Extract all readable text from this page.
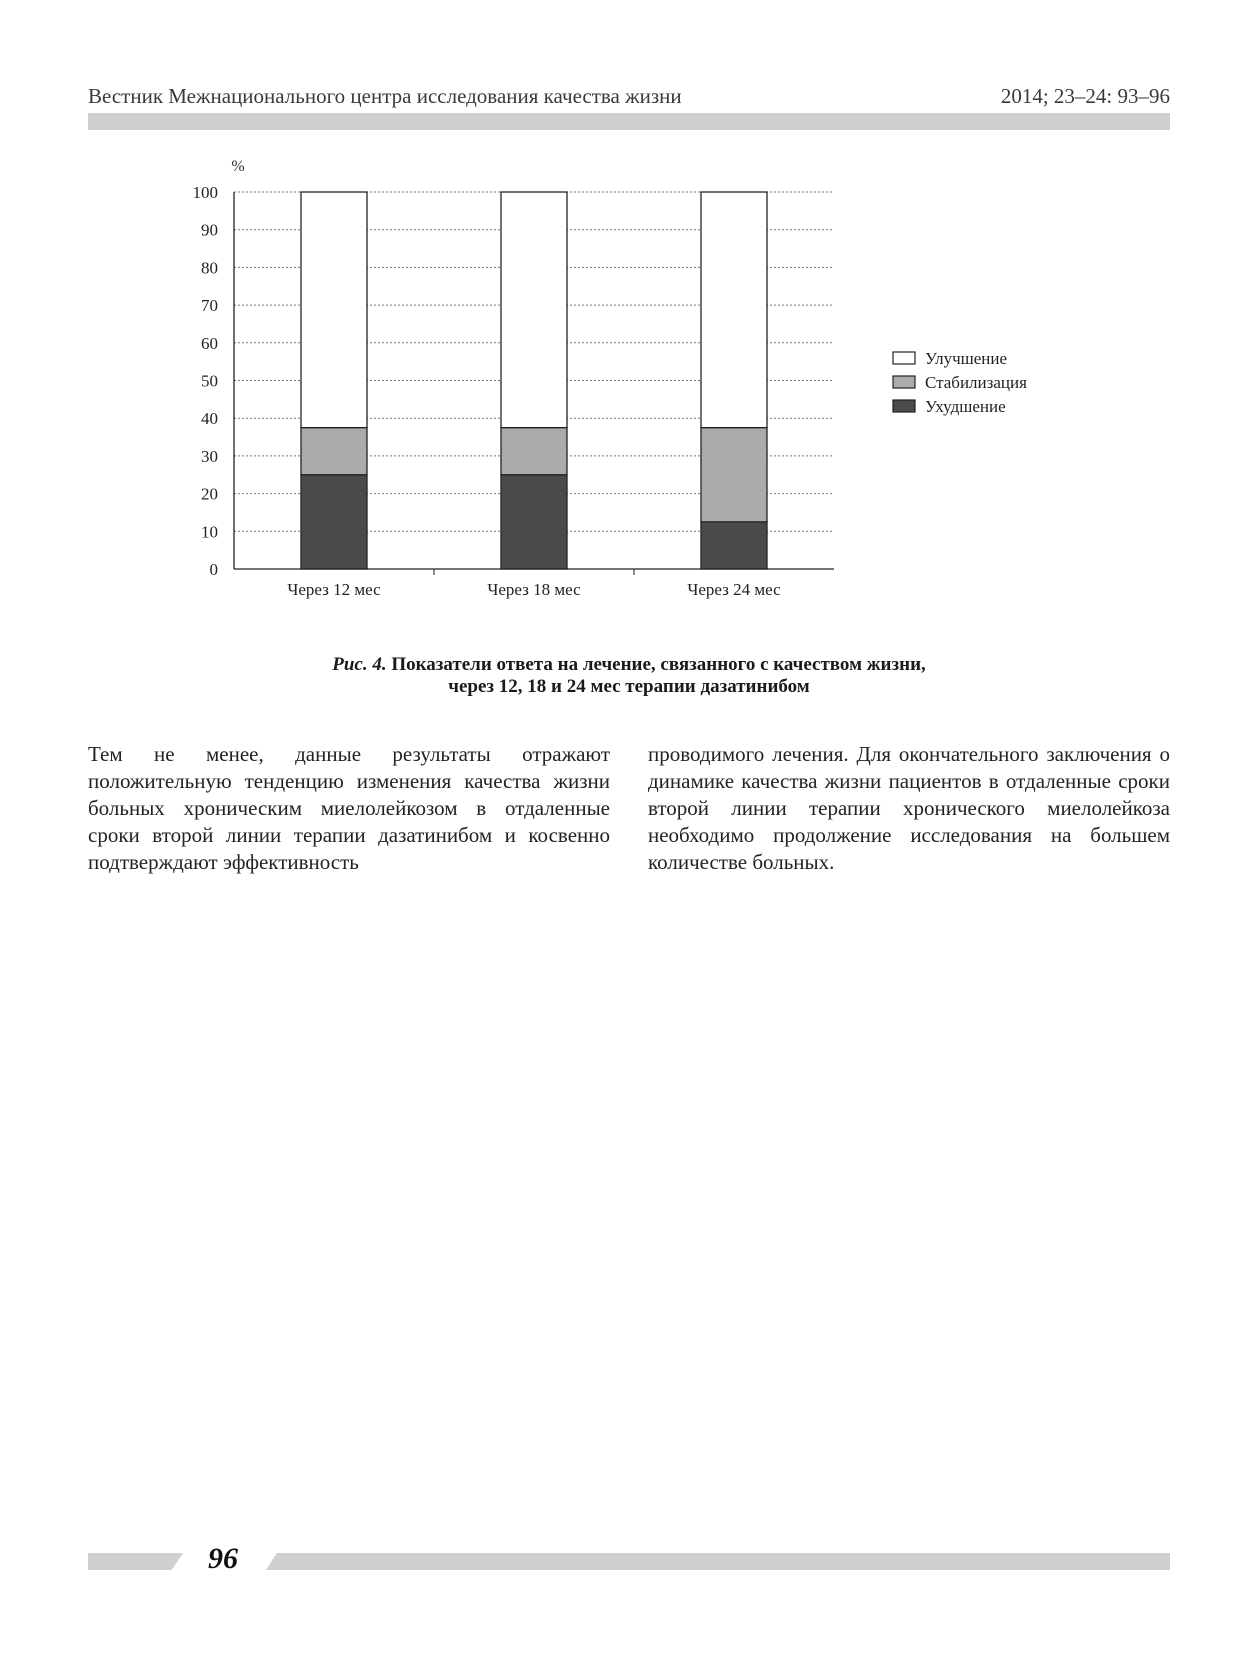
Вестник Межнационального центра исследования качества жизни	2014; 23–24: 93–96
0
10
20
30
40
50
60
70
80
90
100
%
Через 12 мес	Через 18 мес	Через 24 мес
Улучшение
Стабилизация
Ухудшение
Рис. 4. Показатели ответа на лечение, связанного с качеством жизни,
через 12, 18 и 24 мес терапии дазатинибом
Тем не менее, данные результаты отражают положительную тенденцию изменения качества жизни больных хроническим миелолейкозом в отдаленные сроки второй линии терапии дазатинибом и косвенно подтверждают эффективность
проводимого лечения. Для окончательного заключения о динамике качества жизни пациентов в отдаленные сроки второй линии терапии хронического миелолейкоза необходимо продолжение исследования на большем количестве больных.
96
